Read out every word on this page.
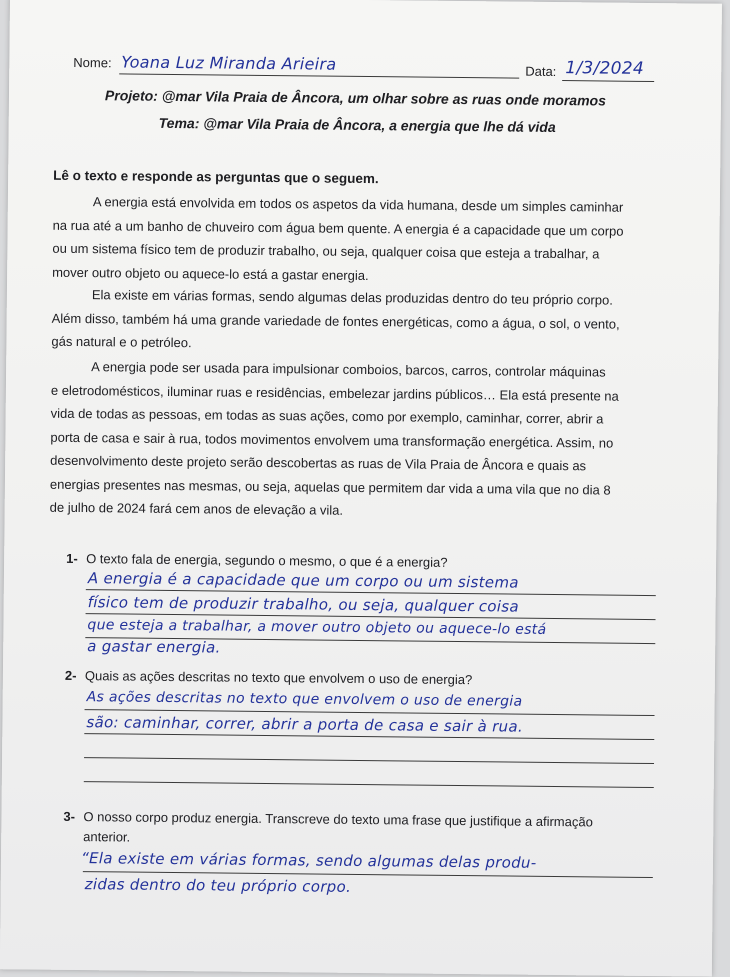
Nome: Yoana Luz Miranda Arieira	Data: 1/3/2024
Projeto: @mar Vila Praia de Âncora, um olhar sobre as ruas onde moramos
Tema: @mar Vila Praia de Âncora, a energia que lhe dá vida
Lê o texto e responde as perguntas que o seguem.
A energia está envolvida em todos os aspetos da vida humana, desde um simples caminhar
na rua até a um banho de chuveiro com água bem quente. A energia é a capacidade que um corpo
ou um sistema físico tem de produzir trabalho, ou seja, qualquer coisa que esteja a trabalhar, a
mover outro objeto ou aquece-lo está a gastar energia.
Ela existe em várias formas, sendo algumas delas produzidas dentro do teu próprio corpo.
Além disso, também há uma grande variedade de fontes energéticas, como a água, o sol, o vento,
gás natural e o petróleo.
A energia pode ser usada para impulsionar comboios, barcos, carros, controlar máquinas
e eletrodomésticos, iluminar ruas e residências, embelezar jardins públicos… Ela está presente na
vida de todas as pessoas, em todas as suas ações, como por exemplo, caminhar, correr, abrir a
porta de casa e sair à rua, todos movimentos envolvem uma transformação energética. Assim, no
desenvolvimento deste projeto serão descobertas as ruas de Vila Praia de Âncora e quais as
energias presentes nas mesmas, ou seja, aquelas que permitem dar vida a uma vila que no dia 8
de julho de 2024 fará cem anos de elevação a vila.
1- O texto fala de energia, segundo o mesmo, o que é a energia?
A energia é a capacidade que um corpo ou um sistema
físico tem de produzir trabalho, ou seja, qualquer coisa
que esteja a trabalhar, a mover outro objeto ou aquece-lo está
a gastar energia.
2- Quais as ações descritas no texto que envolvem o uso de energia?
As ações descritas no texto que envolvem o uso de energia
são: caminhar, correr, abrir a porta de casa e sair à rua.
3- O nosso corpo produz energia. Transcreve do texto uma frase que justifique a afirmação
anterior.
“Ela existe em várias formas, sendo algumas delas produ-
zidas dentro do teu próprio corpo.
